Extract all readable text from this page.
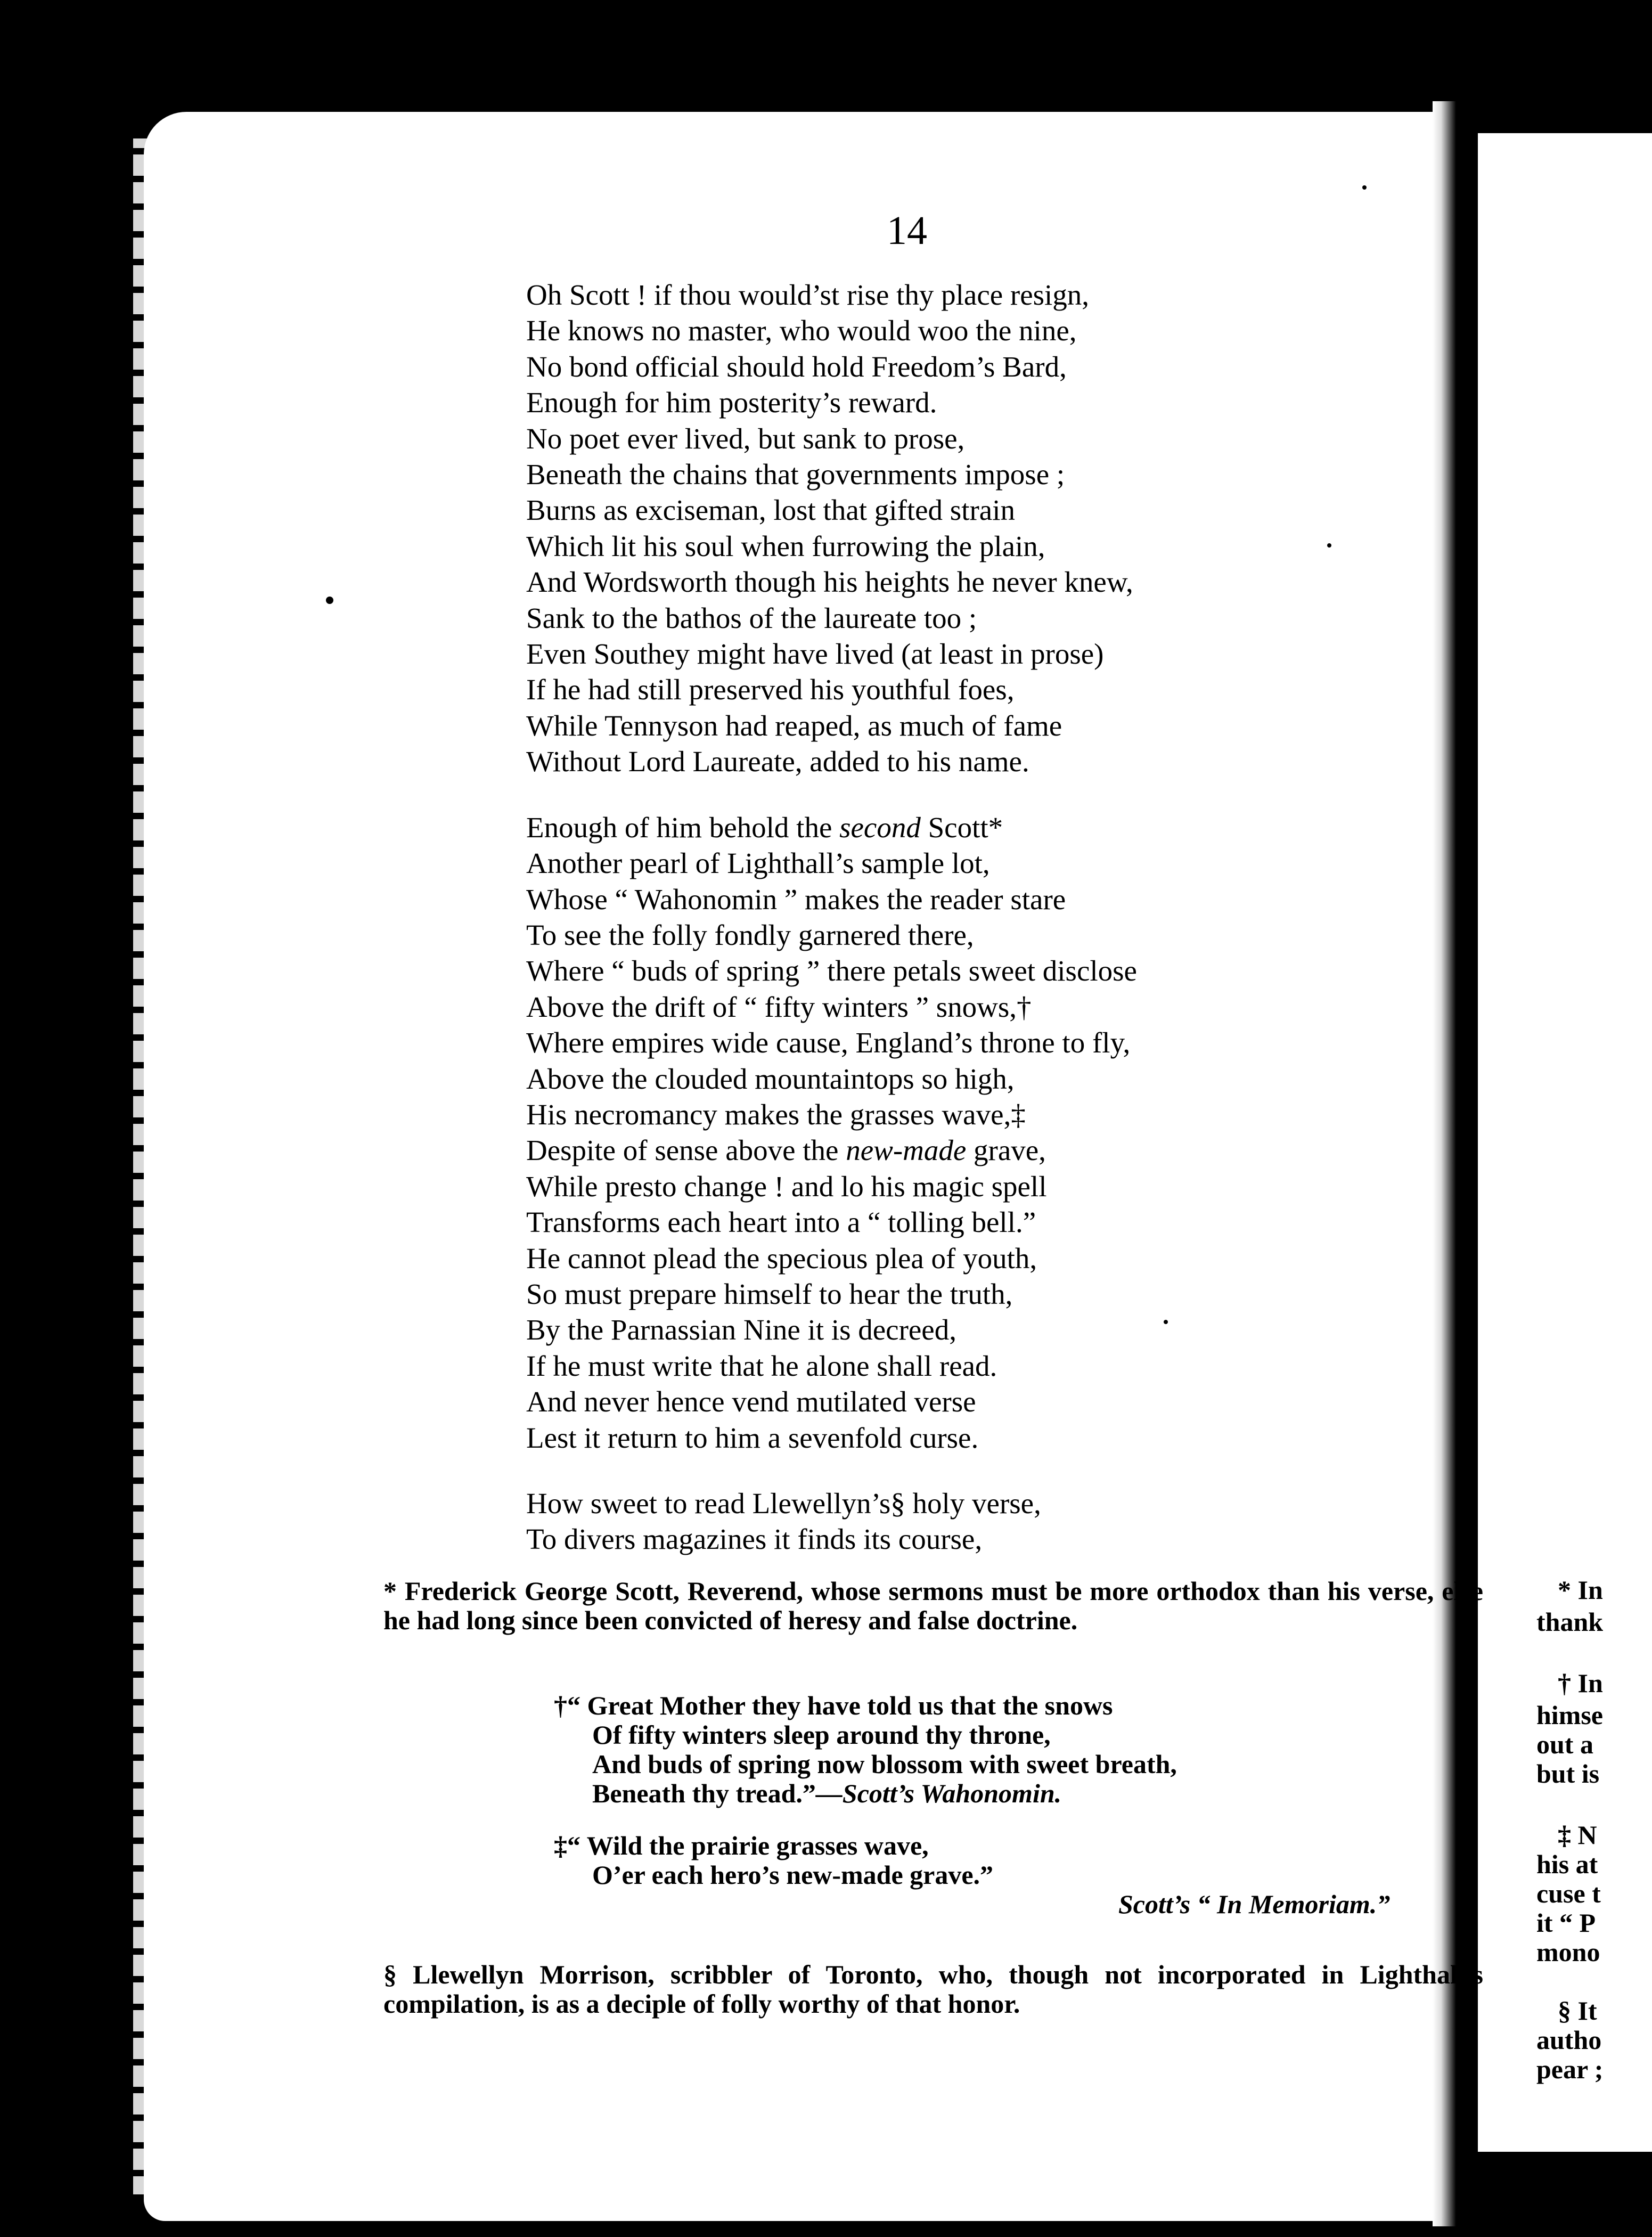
* In
thank
† In
himse
out a
but is
‡ N
his at
cuse t
it “ P
mono
§ It
autho
pear ;
14
Oh Scott ! if thou would’st rise thy place resign,
He knows no master, who would woo the nine,
No bond official should hold Freedom’s Bard,
Enough for him posterity’s reward.
No poet ever lived, but sank to prose,
Beneath the chains that governments impose ;
Burns as exciseman, lost that gifted strain
Which lit his soul when furrowing the plain,
And Wordsworth though his heights he never knew,
Sank to the bathos of the laureate too ;
Even Southey might have lived (at least in prose)
If he had still preserved his youthful foes,
While Tennyson had reaped, as much of fame
Without Lord Laureate, added to his name.
Enough of him behold the second Scott*
Another pearl of Lighthall’s sample lot,
Whose “ Wahonomin ” makes the reader stare
To see the folly fondly garnered there,
Where “ buds of spring ” there petals sweet disclose
Above the drift of “ fifty winters ” snows,†
Where empires wide cause, England’s throne to fly,
Above the clouded mountaintops so high,
His necromancy makes the grasses wave,‡
Despite of sense above the new-made grave,
While presto change ! and lo his magic spell
Transforms each heart into a “ tolling bell.”
He cannot plead the specious plea of youth,
So must prepare himself to hear the truth,
By the Parnassian Nine it is decreed,
If he must write that he alone shall read.
And never hence vend mutilated verse
Lest it return to him a sevenfold curse.
How sweet to read Llewellyn’s§ holy verse,
To divers magazines it finds its course,
* Frederick George Scott, Reverend, whose sermons must be more orthodox than his verse, else he had long since been convicted of heresy and false doctrine.
†“ Great Mother they have told us that the snows
Of fifty winters sleep around thy throne,
And buds of spring now blossom with sweet breath,
Beneath thy tread.”—Scott’s Wahonomin.
‡“ Wild the prairie grasses wave,
O’er each hero’s new-made grave.”
Scott’s “ In Memoriam.”
§ Llewellyn Morrison, scribbler of Toronto, who, though not incorporated in Lighthall’s compilation, is as a deciple of folly worthy of that honor.
